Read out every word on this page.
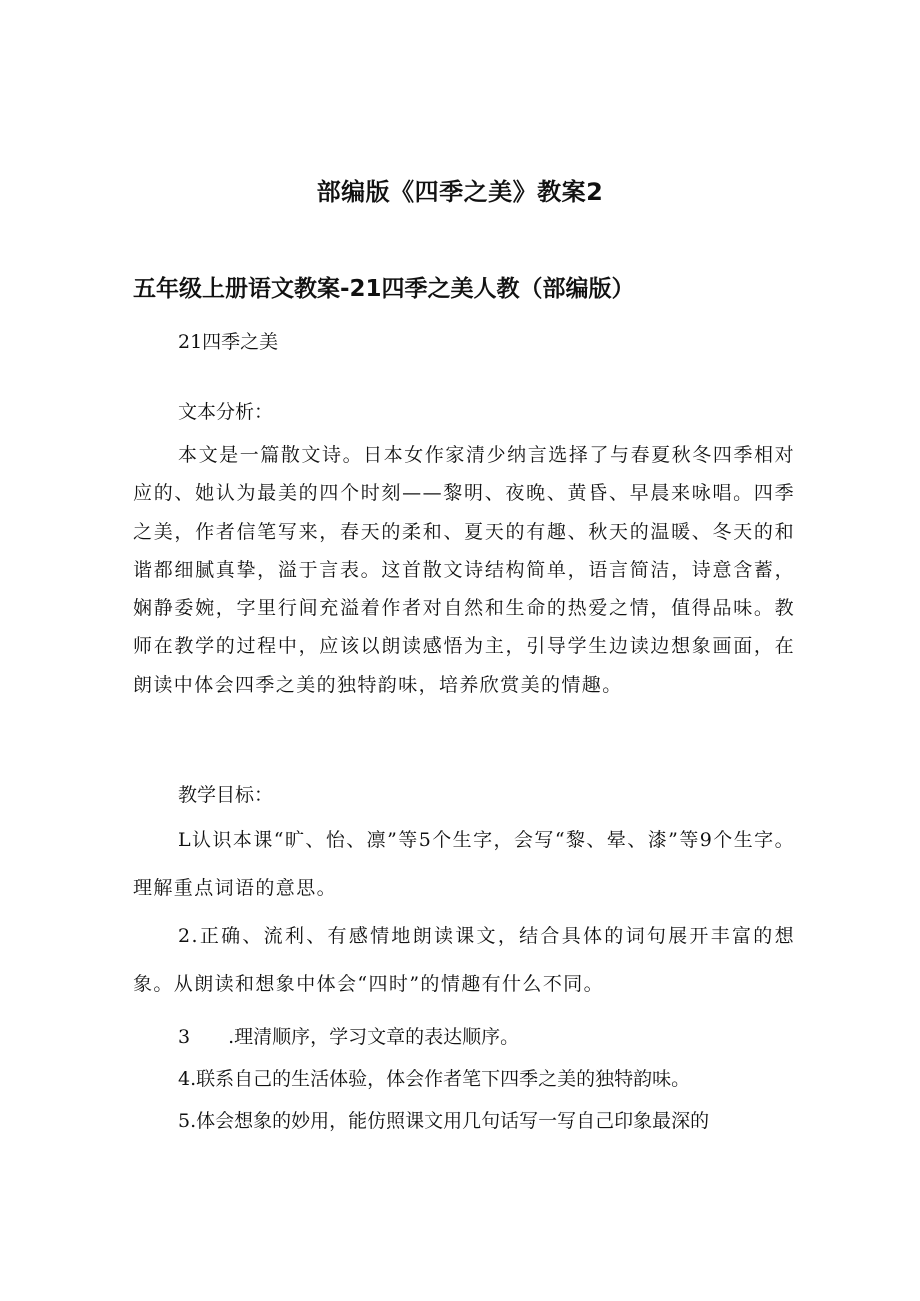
部编版《四季之美》教案2
五年级上册语文教案-21四季之美人教（部编版）
21四季之美
文本分析：
本文是一篇散文诗。日本女作家清少纳言选择了与春夏秋冬四季相对应的、她认为最美的四个时刻——黎明、夜晚、黄昏、早晨来咏唱。四季之美，作者信笔写来，春天的柔和、夏天的有趣、秋天的温暖、冬天的和谐都细腻真挚，溢于言表。这首散文诗结构简单，语言简洁，诗意含蓄，娴静委婉，字里行间充溢着作者对自然和生命的热爱之情，值得品味。教师在教学的过程中，应该以朗读感悟为主，引导学生边读边想象画面，在朗读中体会四季之美的独特韵味，培养欣赏美的情趣。
教学目标：
L认识本课“旷、怡、凛”等5个生字，会写“黎、晕、漆”等9个生字。理解重点词语的意思。
2.正确、流利、有感情地朗读课文，结合具体的词句展开丰富的想象。从朗读和想象中体会“四时”的情趣有什么不同。
3　　.理清顺序，学习文章的表达顺序。
4.联系自己的生活体验，体会作者笔下四季之美的独特韵味。
5.体会想象的妙用，能仿照课文用几句话写一写自己印象最深的
